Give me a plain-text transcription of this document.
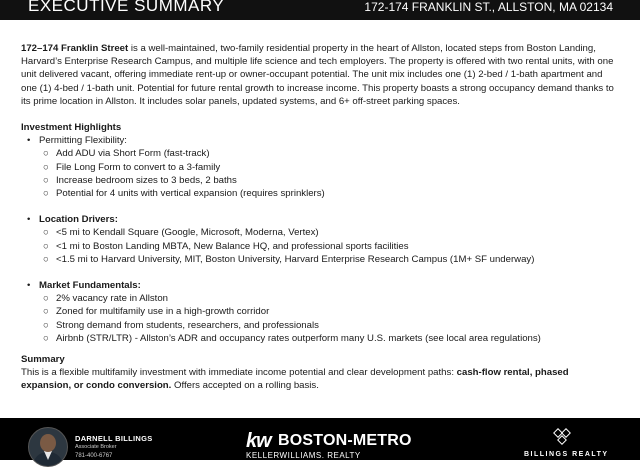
EXECUTIVE SUMMARY	172-174 FRANKLIN ST., ALLSTON, MA 02134

172–174 Franklin Street is a well-maintained, two-family residential property in the heart of Allston, located steps from Boston Landing, Harvard’s Enterprise Research Campus, and multiple life science and tech employers. The property is offered with two rental units, with one unit delivered vacant, offering immediate rent-up or owner-occupant potential. The unit mix includes one (1) 2-bed / 1-bath apartment and one (1) 4-bed / 1-bath unit. Potential for future rental growth to increase income. This property boasts a strong occupancy demand thanks to its prime location in Allston. It includes solar panels, updated systems, and 6+ off-street parking spaces.

Investment Highlights

• Permitting Flexibility:
○ Add ADU via Short Form (fast-track)
○ File Long Form to convert to a 3-family
○ Increase bedroom sizes to 3 beds, 2 baths
○ Potential for 4 units with vertical expansion (requires sprinklers)
• Location Drivers:
○ <5 mi to Kendall Square (Google, Microsoft, Moderna, Vertex)
○ <1 mi to Boston Landing MBTA, New Balance HQ, and professional sports facilities
○ <1.5 mi to Harvard University, MIT, Boston University, Harvard Enterprise Research Campus (1M+ SF underway)
• Market Fundamentals:
○ 2% vacancy rate in Allston
○ Zoned for multifamily use in a high-growth corridor
○ Strong demand from students, researchers, and professionals
○ Airbnb (STR/LTR) - Allston’s ADR and occupancy rates outperform many U.S. markets (see local area regulations)

Summary

This is a flexible multifamily investment with immediate income potential and clear development paths: cash-flow rental, phased expansion, or condo conversion. Offers accepted on a rolling basis.

DARNELL BILLINGS
Associate Broker
781-400-6767
kw BOSTON-METRO
KELLERWILLIAMS. REALTY	BILLINGS REALTY
